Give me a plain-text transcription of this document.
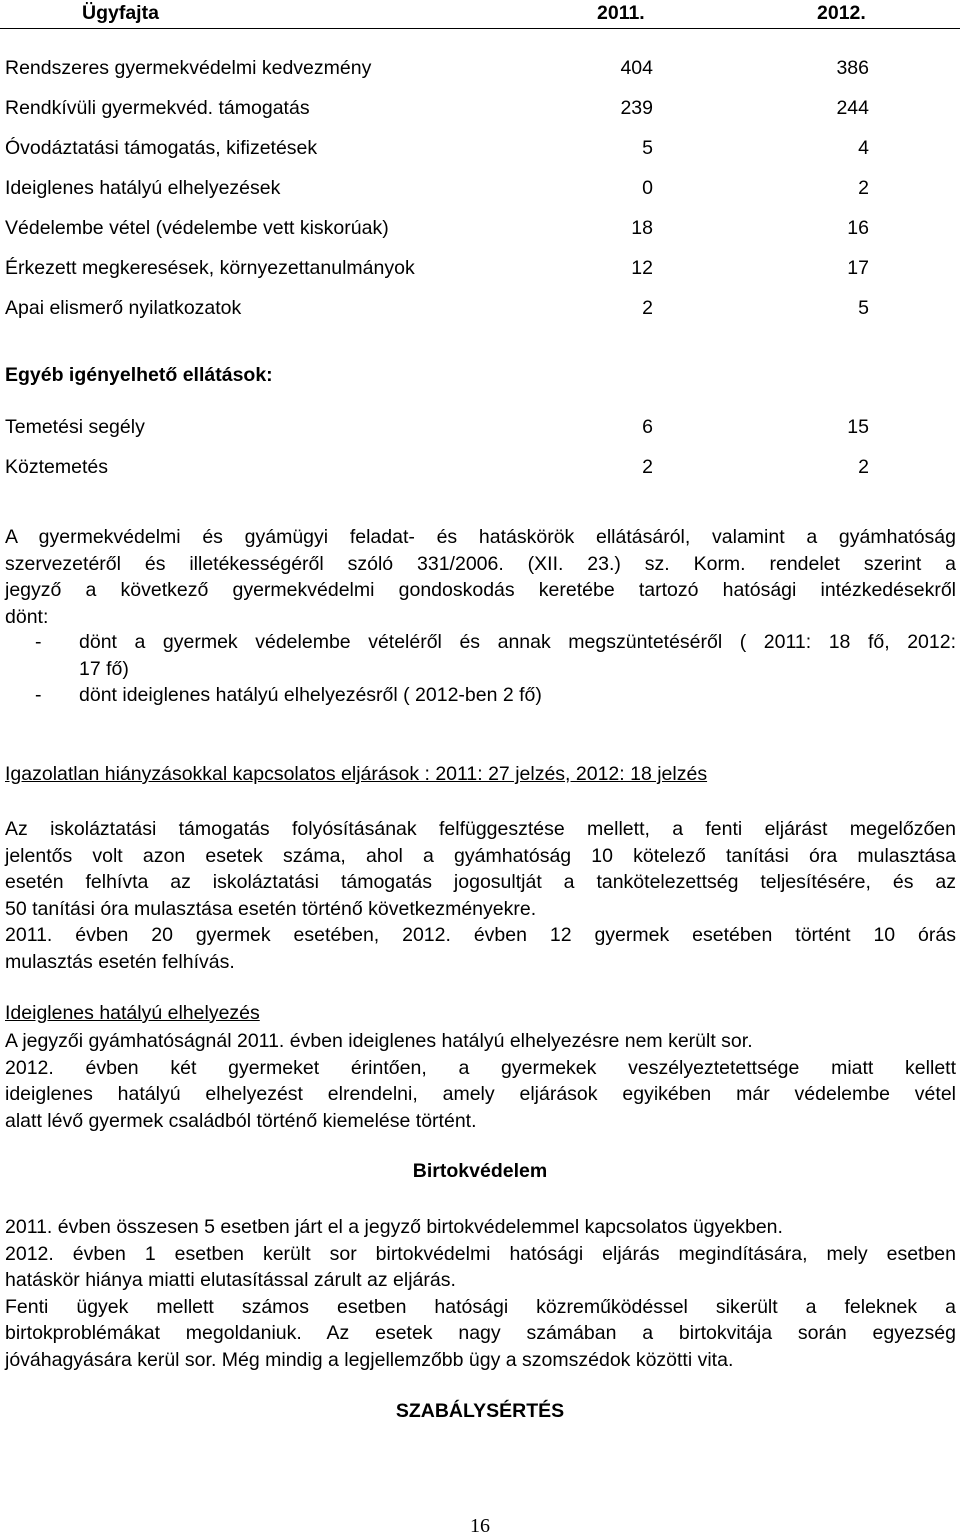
Ügyfajta	2011.	2012.
Rendszeres gyermekvédelmi kedvezmény	404	386
Rendkívüli gyermekvéd. támogatás	239	244
Óvodáztatási támogatás, kifizetések	5	4
Ideiglenes hatályú elhelyezések	0	2
Védelembe vétel (védelembe vett kiskorúak)	18	16
Érkezett megkeresések, környezettanulmányok	12	17
Apai elismerő nyilatkozatok	2	5
Egyéb igényelhető ellátások:
Temetési segély	6	15
Köztemetés	2	2
A gyermekvédelmi és gyámügyi feladat- és hatáskörök ellátásáról, valamint a gyámhatóság
szervezetéről és illetékességéről szóló 331/2006. (XII. 23.) sz. Korm. rendelet szerint a
jegyző a következő gyermekvédelmi gondoskodás keretébe tartozó hatósági intézkedésekről
dönt:
- dönt a gyermek védelembe vételéről és annak megszüntetéséről ( 2011: 18 fő, 2012:
17 fő)
- dönt ideiglenes hatályú elhelyezésről ( 2012-ben 2 fő)
Igazolatlan hiányzásokkal kapcsolatos eljárások : 2011: 27 jelzés, 2012: 18 jelzés
Az iskoláztatási támogatás folyósításának felfüggesztése mellett, a fenti eljárást megelőzően
jelentős volt azon esetek száma, ahol a gyámhatóság 10 kötelező tanítási óra mulasztása
esetén felhívta az iskoláztatási támogatás jogosultját a tankötelezettség teljesítésére, és az
50 tanítási óra mulasztása esetén történő következményekre.
2011. évben 20 gyermek esetében, 2012. évben 12 gyermek esetében történt 10 órás
mulasztás esetén felhívás.
Ideiglenes hatályú elhelyezés
A jegyzői gyámhatóságnál 2011. évben ideiglenes hatályú elhelyezésre nem került sor.
2012. évben két gyermeket érintően, a gyermekek veszélyeztetettsége miatt kellett
ideiglenes hatályú elhelyezést elrendelni, amely eljárások egyikében már védelembe vétel
alatt lévő gyermek családból történő kiemelése történt.
Birtokvédelem
2011. évben összesen 5 esetben járt el a jegyző birtokvédelemmel kapcsolatos ügyekben.
2012. évben 1 esetben került sor birtokvédelmi hatósági eljárás megindítására, mely esetben
hatáskör hiánya miatti elutasítással zárult az eljárás.
Fenti ügyek mellett számos esetben hatósági közreműködéssel sikerült a feleknek a
birtokproblémákat megoldaniuk. Az esetek nagy számában a birtokvitája során egyezség
jóváhagyására kerül sor. Még mindig a legjellemzőbb ügy a szomszédok közötti vita.
SZABÁLYSÉRTÉS
16
